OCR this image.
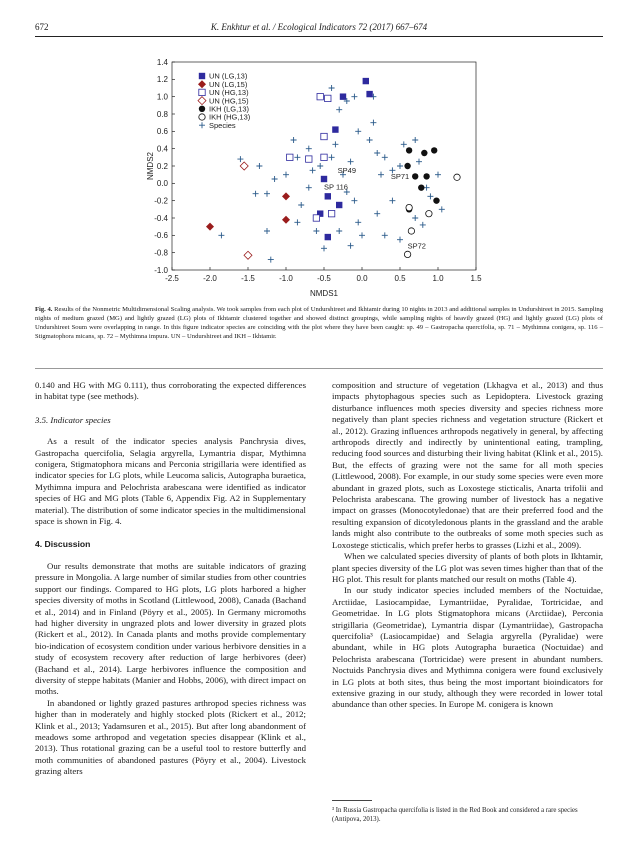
672	K. Enkhtur et al. / Ecological Indicators 72 (2017) 667–674
-2.5	-2.0	-1.5	-1.0	-0.5	0.0	0.5	1.0	1.5
-1.0
-0.8
-0.6
-0.4
-0.2
0.0
0.2
0.4
0.6
0.8
1.0
1.2
1.4
SP49
SP71
SP 116
SP72
NMDS1
NMDS2
UN (LG,13)
UN (LG,15)
UN (HG,13)
UN (HG,15)
IKH (LG,13)
IKH (HG,13)
Species
Fig. 4. Results of the Nonmetric Multidimensional Scaling analysis. We took samples from each plot of Undurshireet and Ikhtamir during 10 nights in 2013 and additional samples in Undurshireet in 2015. Sampling nights of medium grazed (MG) and lightly grazed (LG) plots of Ikhtamir clustered together and showed distinct groupings, while sampling nights of heavily grazed (HG) and lightly grazed (LG) plots of Undurshireet Soum were overlapping in range. In this figure indicator species are coinciding with the plot where they have been caught: sp. 49 – Gastropacha quercifolia, sp. 71 – Mythimna conigera, sp. 116 – Stigmatophora micans, sp. 72 – Mythimna impura. UN – Undurshireet and IKH – Ikhtamir.

0.140 and HG with MG 0.111), thus corroborating the expected differences in habitat type (see methods).

3.5. Indicator species

As a result of the indicator species analysis Panchrysia dives, Gastropacha quercifolia, Selagia argyrella, Lymantria dispar, Mythimna conigera, Stigmatophora micans and Perconia strigillaria were identified as indicator species for LG plots, while Leucoma salicis, Autographa buraetica, Mythimna impura and Pelochrista arabescana were identified as indicator species of HG and MG plots (Table 6, Appendix Fig. A2 in Supplementary material). The distribution of some indicator species in the multidimensional space is shown in Fig. 4.

4. Discussion

Our results demonstrate that moths are suitable indicators of grazing pressure in Mongolia. A large number of similar studies from other countries support our findings. Compared to HG plots, LG plots harbored a higher species diversity of moths in Scotland (Littlewood, 2008), Canada (Bachand et al., 2014) and in Finland (Pöyry et al., 2005). In Germany micromoths had higher diversity in ungrazed plots and lower diversity in grazed plots (Rickert et al., 2012). In Canada plants and moths provide complementary bio-indication of ecosystem condition under various herbivore densities in a study of ecosystem recovery after reduction of large herbivores (deer) (Bachand et al., 2014). Large herbivores influence the composition and diversity of steppe habitats (Manier and Hobbs, 2006), with direct impact on moths.

In abandoned or lightly grazed pastures arthropod species richness was higher than in moderately and highly stocked plots (Rickert et al., 2012; Klink et al., 2013; Yadamsuren et al., 2015). But after long abandonment of meadows some arthropod and vegetation species disappear (Klink et al., 2013). Thus rotational grazing can be a useful tool to restore butterfly and moth communities of abandoned pastures (Pöyry et al., 2004). Livestock grazing alters

composition and structure of vegetation (Lkhagva et al., 2013) and thus impacts phytophagous species such as Lepidoptera. Livestock grazing disturbance influences moth species diversity and species richness more negatively than plant species richness and vegetation structure (Rickert et al., 2012). Grazing influences arthropods negatively in general, by affecting arthropods directly and indirectly by unintentional eating, trampling, reducing food sources and disturbing their living habitat (Klink et al., 2015). But, the effects of grazing were not the same for all moth species (Littlewood, 2008). For example, in our study some species were even more abundant in grazed plots, such as Loxostege sticticalis, Anarta trifolii and Pelochrista arabescana. The growing number of livestock has a negative impact on grasses (Monocotyledonae) that are their preferred food and the resulting expansion of dicotyledonous plants in the grassland and the arable lands might also contribute to the outbreaks of some moth species such as Loxostege sticticalis, which prefer herbs to grasses (Lizhi et al., 2009).

When we calculated species diversity of plants of both plots in Ikhtamir, plant species diversity of the LG plot was seven times higher than that of the HG plot. This result for plants matched our result on moths (Table 4).

In our study indicator species included members of the Noctuidae, Arctiidae, Lasiocampidae, Lymantriidae, Pyralidae, Tortricidae, and Geometridae. In LG plots Stigmatophora micans (Arctiidae), Perconia strigillaria (Geometridae), Lymantria dispar (Lymantriidae), Gastropacha quercifolia³ (Lasiocampidae) and Selagia argyrella (Pyralidae) were abundant, while in HG plots Autographa buraetica (Noctuidae) and Pelochrista arabescana (Tortricidae) were present in abundant numbers. Noctuids Panchrysia dives and Mythimna conigera were found exclusively in LG plots at both sites, thus being the most important bioindicators for extensive grazing in our study, although they were recorded in lower total abundance than other species. In Europe M. conigera is known

³ In Russia Gastropacha quercifolia is listed in the Red Book and considered a rare species (Antipova, 2013).
